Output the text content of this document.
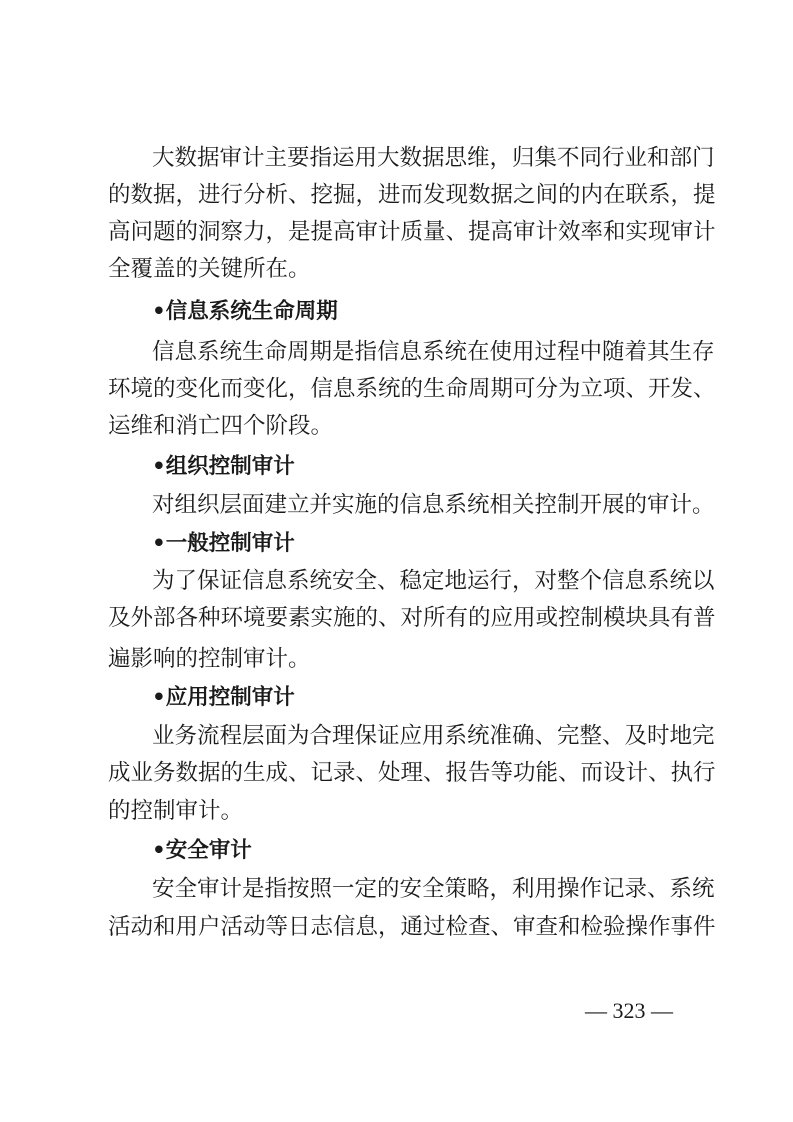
大数据审计主要指运用大数据思维，归集不同行业和部门
的数据，进行分析、挖掘，进而发现数据之间的内在联系，提
高问题的洞察力，是提高审计质量、提高审计效率和实现审计
全覆盖的关键所在。
•信息系统生命周期
信息系统生命周期是指信息系统在使用过程中随着其生存
环境的变化而变化，信息系统的生命周期可分为立项、开发、
运维和消亡四个阶段。
•组织控制审计
对组织层面建立并实施的信息系统相关控制开展的审计。
•一般控制审计
为了保证信息系统安全、稳定地运行，对整个信息系统以
及外部各种环境要素实施的、对所有的应用或控制模块具有普
遍影响的控制审计。
•应用控制审计
业务流程层面为合理保证应用系统准确、完整、及时地完
成业务数据的生成、记录、处理、报告等功能、而设计、执行
的控制审计。
•安全审计
安全审计是指按照一定的安全策略，利用操作记录、系统
活动和用户活动等日志信息，通过检查、审查和检验操作事件
— 323 —
